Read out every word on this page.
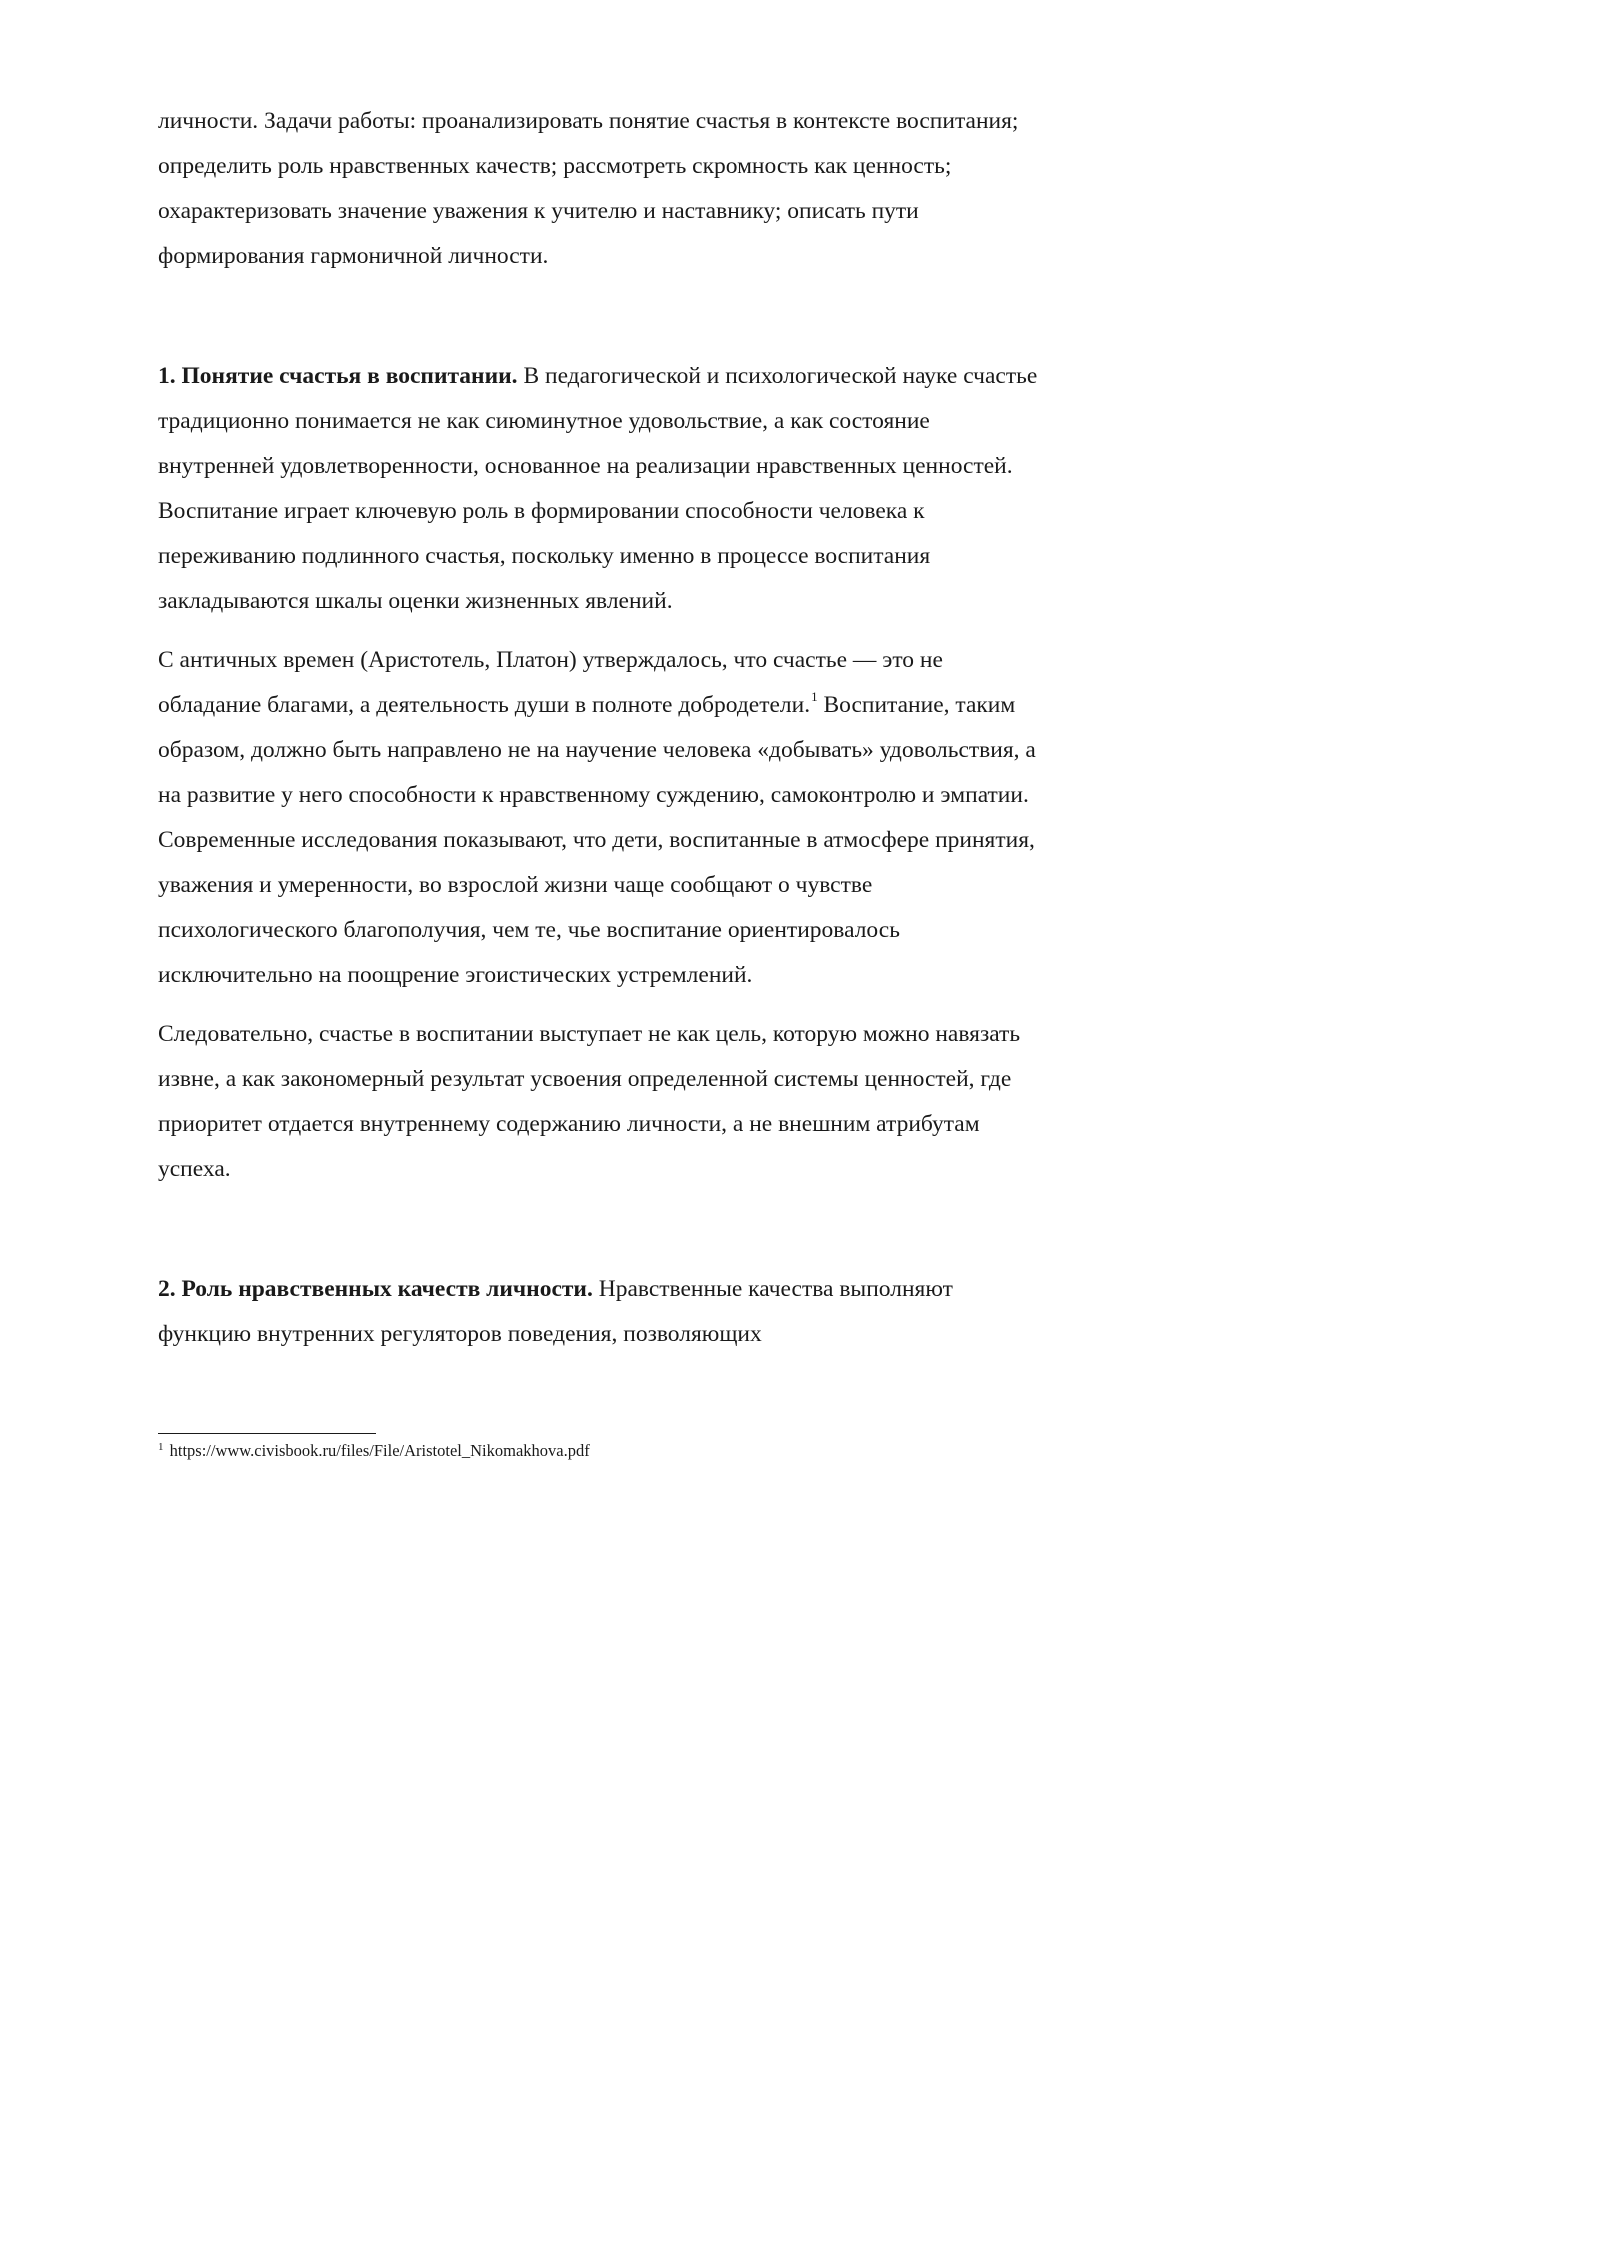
личности. Задачи работы: проанализировать понятие счастья в контексте воспитания; определить роль нравственных качеств; рассмотреть скромность как ценность; охарактеризовать значение уважения к учителю и наставнику; описать пути формирования гармоничной личности.

1. Понятие счастья в воспитании. В педагогической и психологической науке счастье традиционно понимается не как сиюминутное удовольствие, а как состояние внутренней удовлетворенности, основанное на реализации нравственных ценностей. Воспитание играет ключевую роль в формировании способности человека к переживанию подлинного счастья, поскольку именно в процессе воспитания закладываются шкалы оценки жизненных явлений.

С античных времен (Аристотель, Платон) утверждалось, что счастье — это не обладание благами, а деятельность души в полноте добродетели.$^1$ Воспитание, таким образом, должно быть направлено не на научение человека «добывать» удовольствия, а на развитие у него способности к нравственному суждению, самоконтролю и эмпатии. Современные исследования показывают, что дети, воспитанные в атмосфере принятия, уважения и умеренности, во взрослой жизни чаще сообщают о чувстве психологического благополучия, чем те, чье воспитание ориентировалось исключительно на поощрение эгоистических устремлений.

Следовательно, счастье в воспитании выступает не как цель, которую можно навязать извне, а как закономерный результат усвоения определенной системы ценностей, где приоритет отдается внутреннему содержанию личности, а не внешним атрибутам успеха.

2. Роль нравственных качеств личности. Нравственные качества выполняют функцию внутренних регуляторов поведения, позволяющих

$^1$ https://www.civisbook.ru/files/File/Aristotel_Nikomakhova.pdf
